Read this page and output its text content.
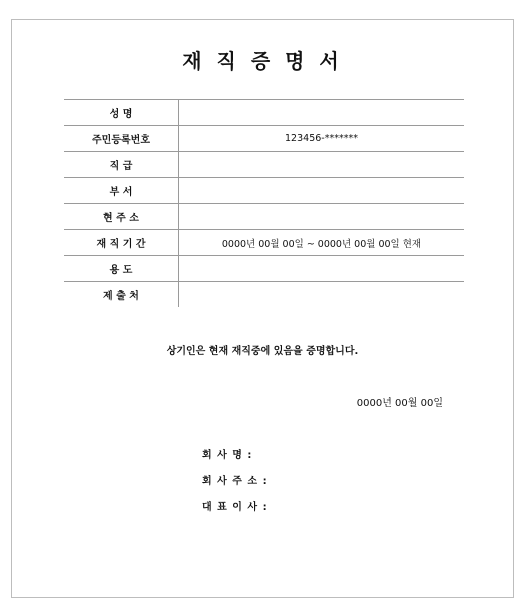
재 직 증 명 서
성 명	
주민등록번호	123456-*******
직 급	
부 서	
현 주 소	
재 직 기 간	0000년 00월 00일 ~ 0000년 00월 00일 현재
용 도	
제 출 처	
상기인은 현재 재직중에 있음을 증명합니다.
0000년 00월 00일
회 사 명 :
회 사 주 소 :
대 표 이 사 :
